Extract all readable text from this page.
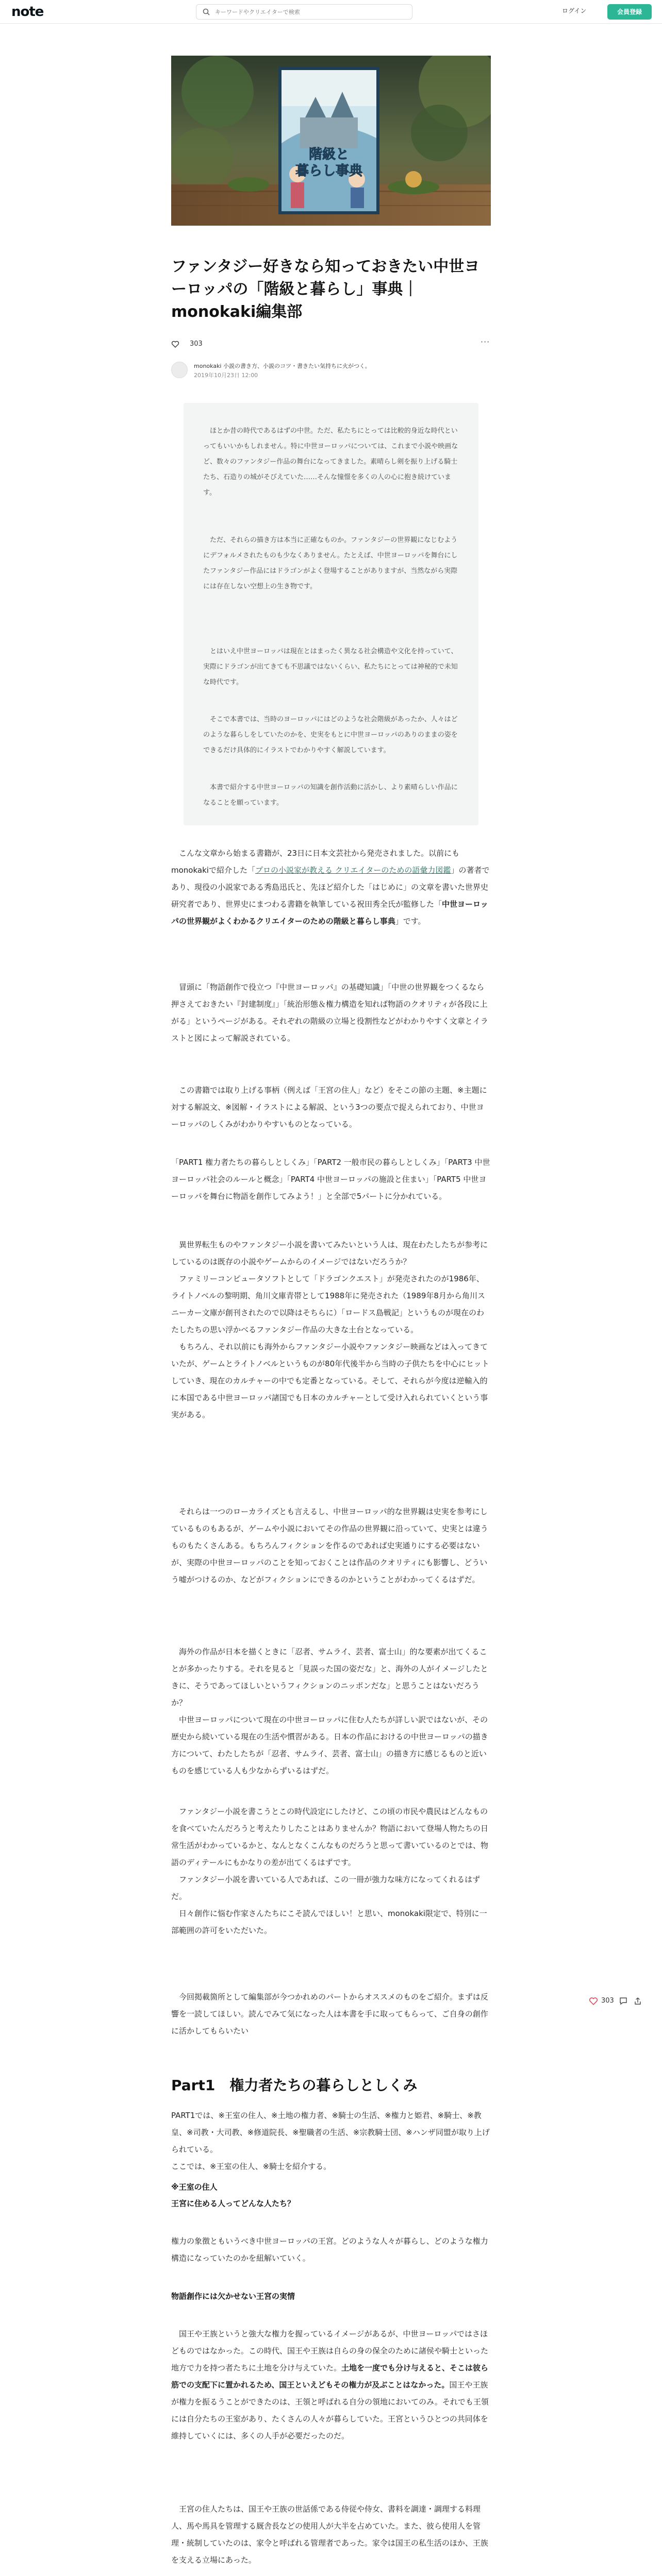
note
キーワードやクリエイターで検索	ログイン	会員登録
階級と
暮らし事典
ファンタジー好きなら知っておきたい中世ヨーロッパの「階級と暮らし」事典｜monokaki編集部
303	···
monokaki 小説の書き方、小説のコツ・書きたい気持ちに火がつく。
2019年10月23日 12:00

　ほとか昔の時代であるはずの中世。ただ、私たちにとっては比較的身近な時代といってもいいかもしれません。特に中世ヨーロッパについては、これまで小説や映画など、数々のファンタジー作品の舞台になってきました。素晴らし剣を振り上げる騎士たち、石造りの城がそびえていた……そんな憧憬を多くの人の心に抱き続けています。

　ただ、それらの描き方は本当に正確なものか。ファンタジーの世界観になじむようにデフォルメされたものも少なくありません。たとえば、中世ヨーロッパを舞台にしたファンタジー作品にはドラゴンがよく登場することがありますが、当然ながら実際には存在しない空想上の生き物です。

　とはいえ中世ヨーロッパは現在とはまったく異なる社会構造や文化を持っていて、実際にドラゴンが出てきても不思議ではないくらい、私たちにとっては神秘的で未知な時代です。

　そこで本書では、当時のヨーロッパにはどのような社会階級があったか、人々はどのような暮らしをしていたのかを、史実をもとに中世ヨーロッパのありのままの姿をできるだけ具体的にイラストでわかりやすく解説しています。

　本書で紹介する中世ヨーロッパの知識を創作活動に活かし、より素晴らしい作品になることを願っています。

　こんな文章から始まる書籍が、23日に日本文芸社から発売されました。以前にもmonokakiで紹介した「プロの小説家が教える クリエイターのための語彙力図鑑」の著者であり、現役の小説家である秀島迅氏と、先ほど紹介した「はじめに」の文章を書いた世界史研究者であり、世界史にまつわる書籍を執筆している祝田秀全氏が監修した「中世ヨーロッパの世界観がよくわかるクリエイターのための階級と暮らし事典」です。
　冒頭に「物語創作で役立つ『中世ヨーロッパ』の基礎知識」「中世の世界観をつくるなら押さえておきたい『封建制度』」「統治形態＆権力構造を知れば物語のクオリティが各段に上がる」というページがある。それぞれの階級の立場と役割性などがわかりやすく文章とイラストと図によって解説されている。
　この書籍では取り上げる事柄（例えば「王宮の住人」など）をそこの節の主題、※主題に対する解説文、※図解・イラストによる解説、という3つの要点で捉えられており、中世ヨーロッパのしくみがわかりやすいものとなっている。
「PART1 権力者たちの暮らしとしくみ」「PART2 一般市民の暮らしとしくみ」「PART3 中世ヨーロッパ社会のルールと概念」「PART4 中世ヨーロッパの施設と住まい」「PART5 中世ヨーロッパを舞台に物語を創作してみよう！」と全部で5パートに分かれている。
　異世界転生ものやファンタジー小説を書いてみたいという人は、現在わたしたちが参考にしているのは既存の小説やゲームからのイメージではないだろうか？
　ファミリーコンピュータソフトとして「ドラゴンクエスト」が発売されたのが1986年、ライトノベルの黎明期、角川文庫青帯として1988年に発売された（1989年8月から角川スニーカー文庫が創刊されたので以降はそちらに）「ロードス島戦記」というものが現在のわたしたちの思い浮かべるファンタジー作品の大きな土台となっている。
　もちろん、それ以前にも海外からファンタジー小説やファンタジー映画などは入ってきていたが、ゲームとライトノベルというものが80年代後半から当時の子供たちを中心にヒットしていき、現在のカルチャーの中でも定番となっている。そして、それらが今度は逆輸入的に本国である中世ヨーロッパ諸国でも日本のカルチャーとして受け入れられていくという事実がある。
　それらは一つのローカライズとも言えるし、中世ヨーロッパ的な世界観は史実を参考にしているものもあるが、ゲームや小説においてその作品の世界観に沿っていて、史実とは違うものもたくさんある。もちろんフィクションを作るのであれば史実通りにする必要はないが、実際の中世ヨーロッパのことを知っておくことは作品のクオリティにも影響し、どういう嘘がつけるのか、などがフィクションにできるのかということがわかってくるはずだ。
　海外の作品が日本を描くときに「忍者、サムライ、芸者、富士山」的な要素が出てくることが多かったりする。それを見ると「見誤った国の姿だな」と、海外の人がイメージしたときに、そうであってほしいというフィクションのニッポンだな」と思うことはないだろうか？
　中世ヨーロッパについて現在の中世ヨーロッパに住む人たちが詳しい訳ではないが、その歴史から続いている現在の生活や慣習がある。日本の作品におけるの中世ヨーロッパの描き方について、わたしたちが「忍者、サムライ、芸者、富士山」の描き方に感じるものと近いものを感じている人も少なからずいるはずだ。
　ファンタジー小説を書こうとこの時代設定にしたけど、この頃の市民や農民はどんなものを食べていたんだろうと考えたりしたことはありませんか？物語において登場人物たちの日常生活がわかっているかと、なんとなくこんなものだろうと思って書いているのとでは、物語のディテールにもかなりの差が出てくるはずです。
　ファンタジー小説を書いている人であれば、この一冊が強力な味方になってくれるはずだ。
　日々創作に悩む作家さんたちにこそ読んでほしい！と思い、monokaki限定で、特別に一部範囲の許可をいただいた。
　今回掲載箇所として編集部が今つかれめのパートからオススメのものをご紹介。まずは反響を一読してほしい。読んでみて気になった人は本書を手に取ってもらって、ご自身の創作に活かしてもらいたい
303
Part1　権力者たちの暮らしとしくみ
PART1では、※王室の住人、※土地の権力者、※騎士の生活、※権力と姫君、※騎士、※教皇、※司教・大司教、※修道院長、※聖職者の生活、※宗教騎士団、※ハンザ同盟が取り上げられている。
ここでは、※王室の住人、※騎士を紹介する。
※王室の住人
王宮に住める人ってどんな人たち？
権力の象徴ともいうべき中世ヨーロッパの王宮。どのような人々が暮らし、どのような権力構造になっていたのかを紐解いていく。
物語創作には欠かせない王宮の実情
　国王や王族というと強大な権力を握っているイメージがあるが、中世ヨーロッパではさほどものではなかった。この時代、国王や王族は自らの身の保全のために諸侯や騎士といった地方で力を持つ者たちに土地を分け与えていた。土地を一度でも分け与えると、そこは彼ら筋での支配下に置かれるため、国王といえどもその権力が及ぶことはなかった。国王や王族が権力を振るうことができたのは、王領と呼ばれる自分の領地においてのみ。それでも王領には自分たちの王室があり、たくさんの人々が暮らしていた。王宮というひとつの共同体を維持していくには、多くの人手が必要だったのだ。
　王宮の住人たちは、国王や王族の世話係である侍従や侍女、書料を調達・調理する料理人、馬や馬具を管理する厩舎長などの使用人が大半を占めていた。また、彼ら使用人を管理・統制していたのは、家令と呼ばれる管理者であった。家令は国王の私生活のほか、王族を支える立場にあった。
